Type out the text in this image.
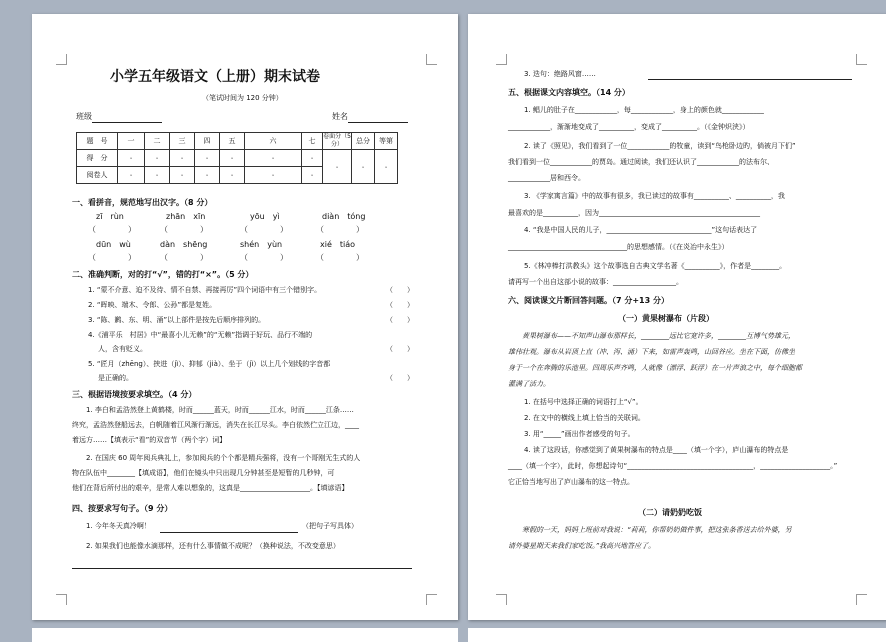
小学五年级语文（上册）期末试卷
（笔试时间为 120 分钟）
班级	姓名
题　号	一	二	三	四	五	六	七	卷面分（5分）	总分	等第
得　分	ₐ	ₐ	ₐ	ₐ	ₐ	ₐ	ₐ	ₐ	ₐ	ₐ
阅卷人	ₐ	ₐ	ₐ	ₐ	ₐ	ₐ	ₐ			
一、看拼音，规范地写出汉字。（8 分）
zī　rùn	zhān　xīn	yōu　yì	diàn　tóng
（　　　　）	（　　　　）	（　　　　）	（　　　　）
dūn　wù	dàn　shēng	shén　yùn	xié　tiáo
（　　　　）	（　　　　）	（　　　　）	（　　　　）
二、准确判断，对的打“√”，错的打“×”。（5 分）
1. “蒙不介意、迫不及待、情不自禁、再接再厉”四个词语中有三个错别字。	（　　）
2. “晖映、端木、令郎、公孙”都是复姓。	（　　）
3. “陈、鹣、东、明、涌”以上部件是按先后顺序排列的。	（　　）
4.《浦平乐　村居》中“最喜小儿无赖”的“无赖”指调于好玩、品行不端的
人，含有贬义。	（　　）
5. “匠月（zhēng）、挟进（jì）、抑郁（jià）、坐于（jì）以上几个划线的字音都
是正确的。	（　　）
三、根据语境按要求填空。（4 分）
1. 李白和孟浩然登上黄鹤楼，时而______蓝天，时而______江水，时而______江条……
终究，孟浩然登船远去，白帆随着江风渐行渐远，消失在长江尽头。李白依然伫立江边，____
着远方……【填表示“看”的双音节（两个字）词】
2. 在国庆 60 周年阅兵典礼上，参加阅兵的个个都是精兵强将，没有一个哥刚无生式的人
物在队伍中________【填成语】，他们在镜头中只出现几分钟甚至是短暂的几秒钟，可
他们在背后所付出的艰辛，是常人难以想象的，这真是____________________。【填谚语】
四、按要求写句子。（9 分）
1. 今年冬天真冷啊！	（把句子写具体）
2. 如果我们也能像水滴那样，还有什么事情做不成呢？（换种说法，不改变意思）
3. 迭句：绝路风窗……
五、根据课文内容填空。（14 分）
1. 鲳儿的肚子在____________，每____________，身上的颜色就____________
____________，渐渐地变成了__________，变成了__________。（《金钟炽浃》）
2. 读了《照见》，我们看到了一位____________的牧童，读到“鸟枪卧边旳，倘被月下们”
我们看到一位____________的贾岛。通过阅读，我们还认识了____________的法布尔、
____________居和西令。
3. 《学家寓言篇》中的故事有很多，我已读过的故事有__________、__________，我
最喜欢的是__________，因为______________________________________________
4. “我是中国人民的儿子，______________________________”这句话表达了
__________________________________的思想感情。（《在炎冶中永生》）
5.《林冲棒打洪教头》这个故事选自古典文学名著《__________》，作者是________。
请再写一个出自这部小说的故事：__________________。
六、阅读课文片断回答问题。（7 分+13 分）
（一）黄果树瀑布（片段）
黄果树瀑布——不知声山瀑布那样长，________远比它宽许多，________互博气势雄元，
雄伟壮观。瀑布从岩顶上直（冲、泻、涌）下来，如雷声轰鸣，山回谷应。坐在下面，仿佛坐
身于一个在奔腾的乐池里。四周乐声齐鸣，人就像（漂浮、跃浮）在一片声浪之中，每个细胞都
灌满了活力。
1. 在括号中选择正确的词语打上“√”。
2. 在文中的横线上填上恰当的关联词。
3. 用“_____”画出作者感受的句子。
4. 读了这段话，你感觉到了黄果树瀑布的特点是____（填一个字），庐山瀑布的特点是
____（填一个字），此时，你想起诗句“____________________________________，____________________。”
它正恰当地写出了庐山瀑布的这一特点。
（二）请奶奶吃饭
寒假的一天，妈妈上班前对我说：“莉莉，你帮奶奶做件事，把这张条香送去给外婆，另
请外婆星期天来我们家吃饭。”我高兴地答应了。
